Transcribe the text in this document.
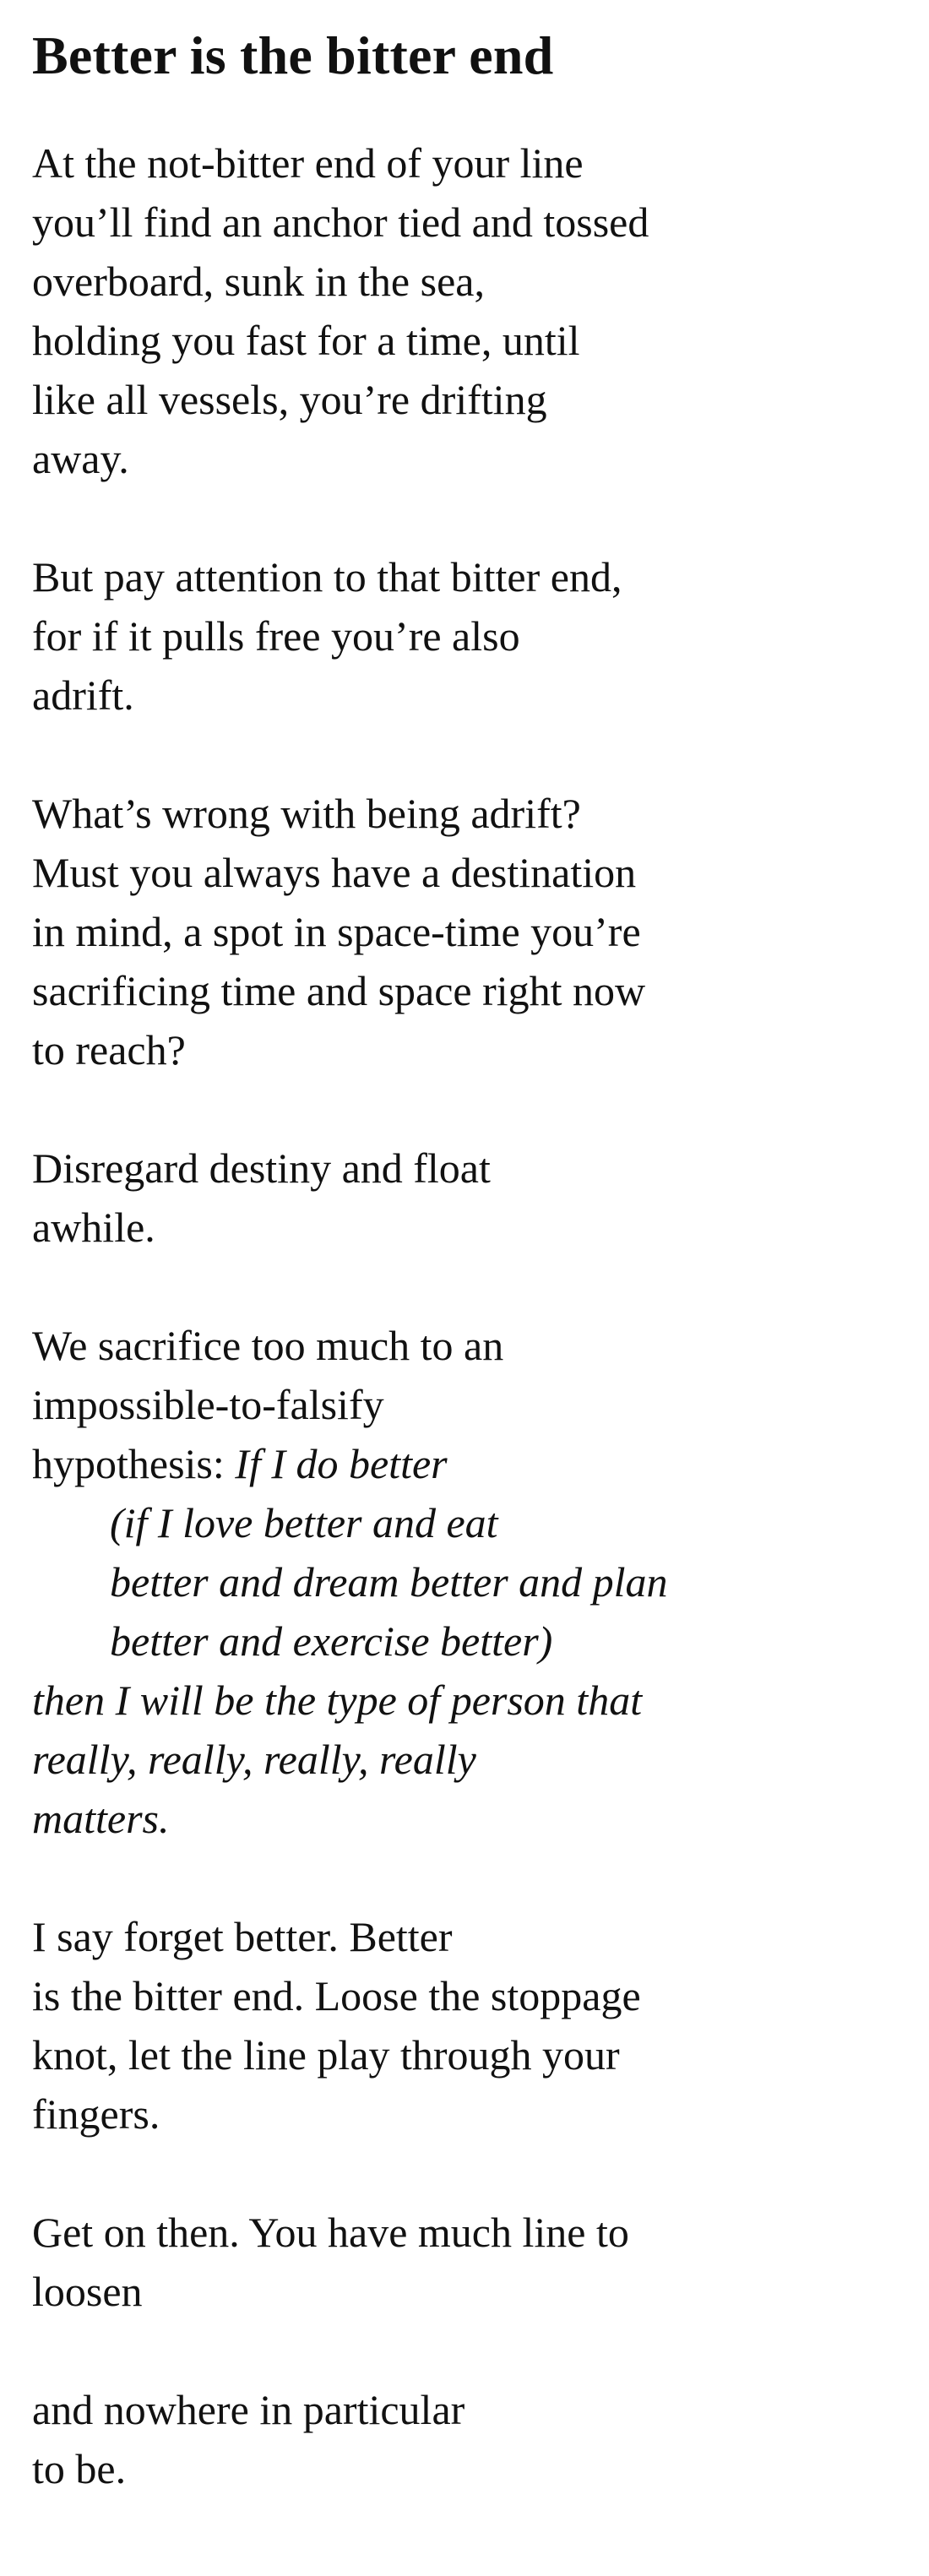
Better is the bitter end
At the not-bitter end of your line
you’ll find an anchor tied and tossed
overboard, sunk in the sea,
holding you fast for a time, until
like all vessels, you’re drifting
away.
But pay attention to that bitter end,
for if it pulls free you’re also
adrift.
What’s wrong with being adrift?
Must you always have a destination
in mind, a spot in space-time you’re
sacrificing time and space right now
to reach?
Disregard destiny and float
awhile.
We sacrifice too much to an
impossible-to-falsify
hypothesis: If I do better
(if I love better and eat
better and dream better and plan
better and exercise better)
then I will be the type of person that
really, really, really, really
matters.
I say forget better. Better
is the bitter end. Loose the stoppage
knot, let the line play through your
fingers.
Get on then. You have much line to
loosen
and nowhere in particular
to be.
